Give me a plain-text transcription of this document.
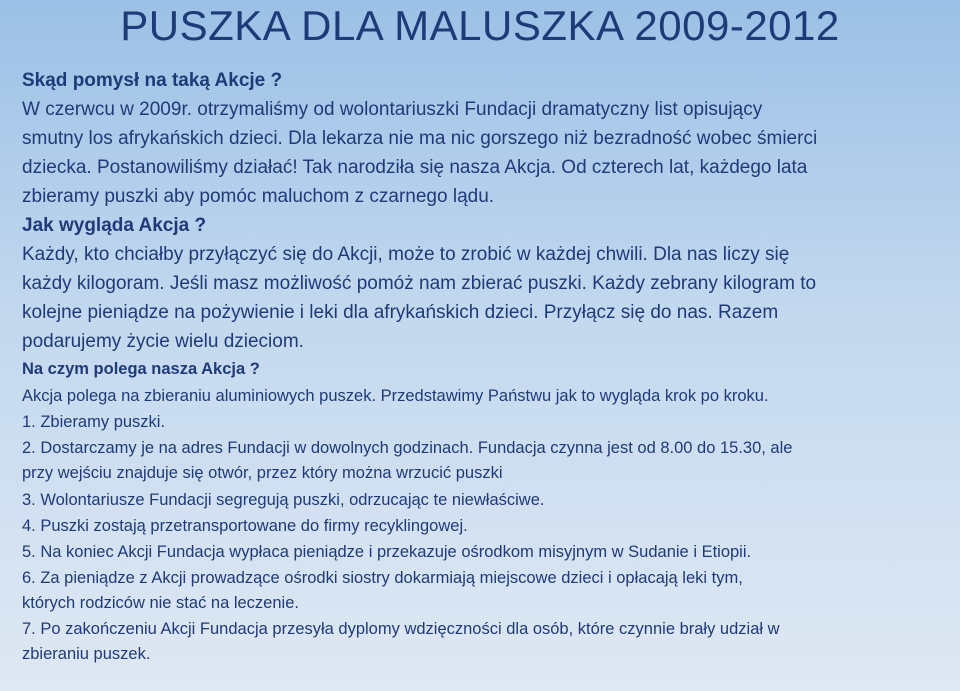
PUSZKA DLA MALUSZKA 2009-2012

Skąd pomysł na taką Akcje ?

W czerwcu w 2009r. otrzymaliśmy od wolontariuszki Fundacji dramatyczny list opisujący

smutny los afrykańskich dzieci. Dla lekarza nie ma nic gorszego niż bezradność wobec śmierci

dziecka. Postanowiliśmy działać! Tak narodziła się nasza Akcja. Od czterech lat, każdego lata

zbieramy puszki aby pomóc maluchom z czarnego lądu.

Jak wygląda Akcja ?

Każdy, kto chciałby przyłączyć się do Akcji, może to zrobić w każdej chwili. Dla nas liczy się

każdy kilogoram. Jeśli masz możliwość pomóż nam zbierać puszki. Każdy zebrany kilogram to

kolejne pieniądze na pożywienie i leki dla afrykańskich dzieci. Przyłącz się do nas. Razem

podarujemy życie wielu dzieciom.

Na czym polega nasza Akcja ?

Akcja polega na zbieraniu aluminiowych puszek. Przedstawimy Państwu jak to wygląda krok po kroku.

1. Zbieramy puszki.

2. Dostarczamy je na adres Fundacji w dowolnych godzinach. Fundacja czynna jest od 8.00 do 15.30, ale

przy wejściu znajduje się otwór, przez który można wrzucić puszki

3. Wolontariusze Fundacji segregują puszki, odrzucając te niewłaściwe.

4. Puszki zostają przetransportowane do firmy recyklingowej.

5. Na koniec Akcji Fundacja wypłaca pieniądze i przekazuje ośrodkom misyjnym w Sudanie i Etiopii.

6. Za pieniądze z Akcji prowadzące ośrodki siostry dokarmiają miejscowe dzieci i opłacają leki tym,

których rodziców nie stać na leczenie.

7. Po zakończeniu Akcji Fundacja przesyła dyplomy wdzięczności dla osób, które czynnie brały udział w

zbieraniu puszek.
